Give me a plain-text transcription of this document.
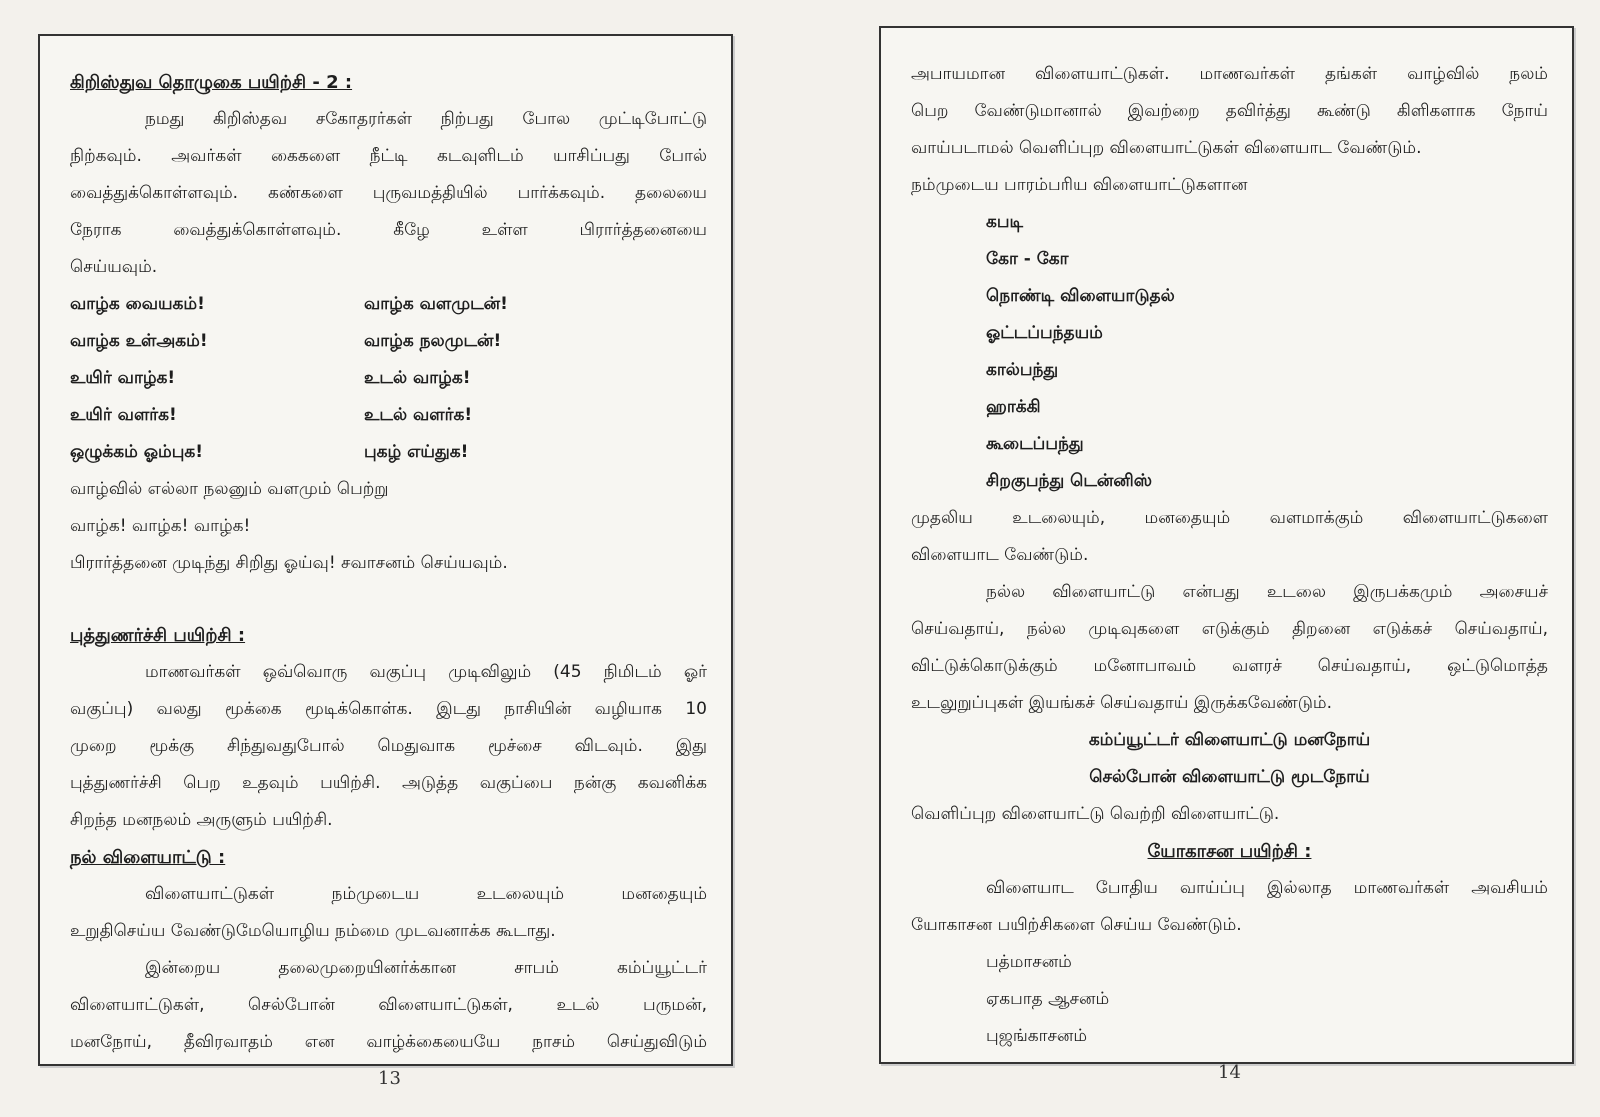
கிறிஸ்துவ தொழுகை பயிற்சி - 2 :
நமது கிறிஸ்தவ சகோதரர்கள் நிற்பது போல முட்டிபோட்டு
நிற்கவும். அவர்கள் கைகளை நீட்டி கடவுளிடம் யாசிப்பது போல்
வைத்துக்கொள்ளவும். கண்களை புருவமத்தியில் பார்க்கவும். தலையை
நேராக வைத்துக்கொள்ளவும். கீழே உள்ள பிரார்த்தனையை
செய்யவும்.
வாழ்க வையகம்!	வாழ்க வளமுடன்!
வாழ்க உள்அகம்!	வாழ்க நலமுடன்!
உயிர் வாழ்க!	உடல் வாழ்க!
உயிர் வளர்க!	உடல் வளர்க!
ஒழுக்கம் ஓம்புக!	புகழ் எய்துக!
வாழ்வில் எல்லா நலனும் வளமும் பெற்று
வாழ்க! வாழ்க! வாழ்க!
பிரார்த்தனை முடிந்து சிறிது ஓய்வு! சவாசனம் செய்யவும்.
புத்துணர்ச்சி பயிற்சி :
மாணவர்கள் ஒவ்வொரு வகுப்பு முடிவிலும் (45 நிமிடம் ஓர்
வகுப்பு) வலது மூக்கை மூடிக்கொள்க. இடது நாசியின் வழியாக 10
முறை மூக்கு சிந்துவதுபோல் மெதுவாக மூச்சை விடவும். இது
புத்துணர்ச்சி பெற உதவும் பயிற்சி. அடுத்த வகுப்பை நன்கு கவனிக்க
சிறந்த மனநலம் அருளும் பயிற்சி.
நல் விளையாட்டு :
விளையாட்டுகள் நம்முடைய உடலையும் மனதையும்
உறுதிசெய்ய வேண்டுமேயொழிய நம்மை முடவனாக்க கூடாது.
இன்றைய தலைமுறையினர்க்கான சாபம் கம்ப்யூட்டர்
விளையாட்டுகள், செல்போன் விளையாட்டுகள், உடல் பருமன்,
மனநோய், தீவிரவாதம் என வாழ்க்கையையே நாசம் செய்துவிடும்
13
அபாயமான விளையாட்டுகள். மாணவர்கள் தங்கள் வாழ்வில் நலம்
பெற வேண்டுமானால் இவற்றை தவிர்த்து கூண்டு கிளிகளாக நோய்
வாய்படாமல் வெளிப்புற விளையாட்டுகள் விளையாட வேண்டும்.
நம்முடைய பாரம்பரிய விளையாட்டுகளான
கபடி
கோ - கோ
நொண்டி விளையாடுதல்
ஓட்டப்பந்தயம்
கால்பந்து
ஹாக்கி
கூடைப்பந்து
சிறகுபந்து டென்னிஸ்
முதலிய உடலையும், மனதையும் வளமாக்கும் விளையாட்டுகளை
விளையாட வேண்டும்.
நல்ல விளையாட்டு என்பது உடலை இருபக்கமும் அசையச்
செய்வதாய், நல்ல முடிவுகளை எடுக்கும் திறனை எடுக்கச் செய்வதாய்,
விட்டுக்கொடுக்கும் மனோபாவம் வளரச் செய்வதாய், ஒட்டுமொத்த
உடலுறுப்புகள் இயங்கச் செய்வதாய் இருக்கவேண்டும்.
கம்ப்யூட்டர் விளையாட்டு மனநோய்
செல்போன் விளையாட்டு மூடநோய்
வெளிப்புற விளையாட்டு வெற்றி விளையாட்டு.
யோகாசன பயிற்சி :
விளையாட போதிய வாய்ப்பு இல்லாத மாணவர்கள் அவசியம்
யோகாசன பயிற்சிகளை செய்ய வேண்டும்.
பத்மாசனம்
ஏகபாத ஆசனம்
புஜங்காசனம்
14
